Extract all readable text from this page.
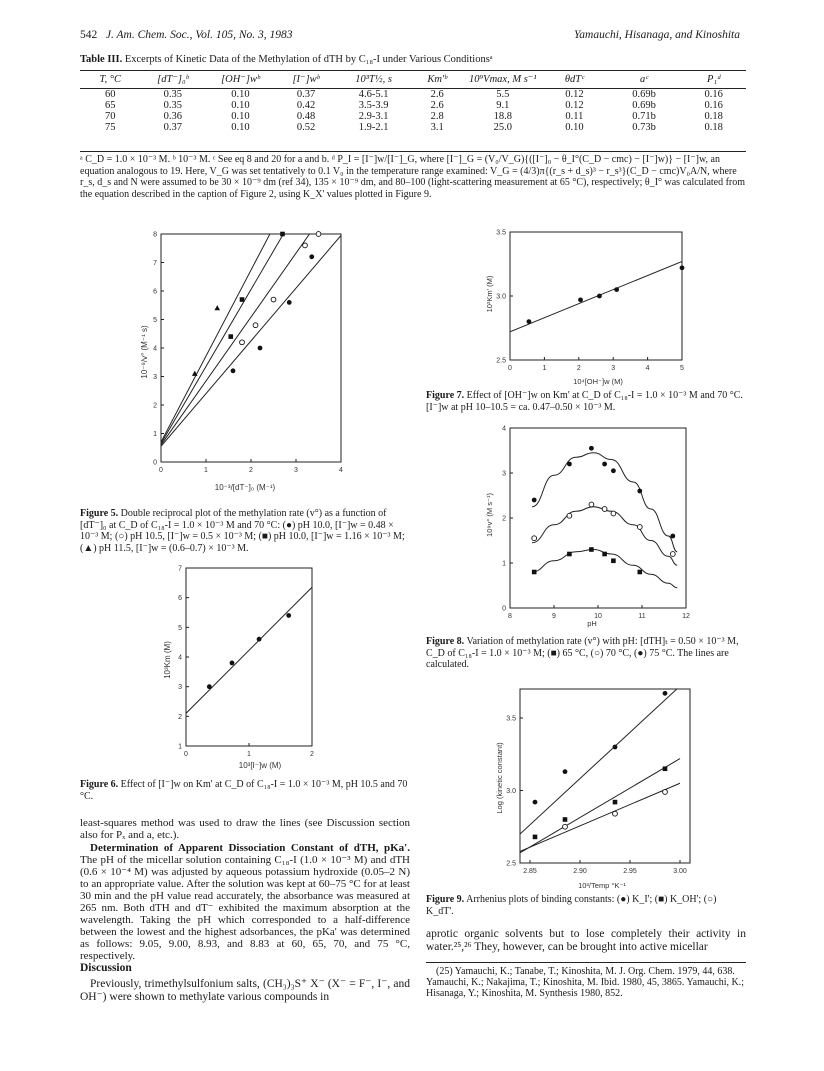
542 J. Am. Chem. Soc., Vol. 105, No. 3, 1983	Yamauchi, Hisanaga, and Kinoshita
Table III. Excerpts of Kinetic Data of the Methylation of dTH by C₁₈-I under Various Conditionsᵃ
T, °C	[dT⁻]₀ᵇ	[OH⁻]wᵇ	[I⁻]wᵇ	10³T½, s	Km'ᵇ	10⁹Vmax, M s⁻¹	θdTᶜ	aᶜ	P₁ᵈ

60	0.35	0.10	0.37	4.6-5.1	2.6	5.5	0.12	0.69b	0.16
65	0.35	0.10	0.42	3.5-3.9	2.6	9.1	0.12	0.69b	0.16
70	0.36	0.10	0.48	2.9-3.1	2.8	18.8	0.11	0.71b	0.18
75	0.37	0.10	0.52	1.9-2.1	3.1	25.0	0.10	0.73b	0.18
ᵃ C_D = 1.0 × 10⁻³ M. ᵇ 10⁻³ M. ᶜ See eq 8 and 20 for a and b. ᵈ P_I = [I⁻]w/[I⁻]_G, where [I⁻]_G = (V₀/V_G){([I⁻]₀ − θ_I°(C_D − cmc) − [I⁻]w)} − [I⁻]w, an equation analogous to 19. Here, V_G was set tentatively to 0.1 V₀ in the temperature range examined: V_G = (4/3)π{(r_s + d_s)³ − r_s³}(C_D − cmc)V₀A/N, where r_s, d_s and N were assumed to be 30 × 10⁻⁹ dm (ref 34), 135 × 10⁻⁹ dm, and 80–100 (light-scattering measurement at 65 °C), respectively; θ_I° was calculated from the equation described in the caption of Figure 2, using K_X' values plotted in Figure 9.
0	1	2	3	4
0
1
2
3
4
5
6
7
8
10⁻³/[dT⁻]₀ (M⁻¹)
10⁻⁸/v° (M⁻¹ s)
Figure 5. Double reciprocal plot of the methylation rate (v°) as a function of [dT⁻]₀ at C_D of C₁₈-I = 1.0 × 10⁻³ M and 70 °C: (●) pH 10.0, [I⁻]w = 0.48 × 10⁻³ M; (○) pH 10.5, [I⁻]w = 0.5 × 10⁻³ M; (■) pH 10.0, [I⁻]w = 1.16 × 10⁻³ M; (▲) pH 11.5, [I⁻]w = (0.6–0.7) × 10⁻³ M.
0	1	2
1
2
3
4
5
6
7
10³[I⁻]w (M)
10³Km (M)
Figure 6. Effect of [I⁻]w on Km' at C_D of C₁₈-I = 1.0 × 10⁻³ M, pH 10.5 and 70 °C.
least-squares method was used to draw the lines (see Discussion section also for Pₓ and a, etc.).
Determination of Apparent Dissociation Constant of dTH, pKa'. The pH of the micellar solution containing C₁₈-I (1.0 × 10⁻³ M) and dTH (0.6 × 10⁻⁴ M) was adjusted by aqueous potassium hydroxide (0.05–2 N) to an appropriate value. After the solution was kept at 60–75 °C for at least 30 min and the pH value read accurately, the absorbance was measured at 265 nm. Both dTH and dT⁻ exhibited the maximum absorption at the wavelength. Taking the pH which corresponded to a half-difference between the lowest and the highest adsorbances, the pKa' was determined as follows: 9.05, 9.00, 8.93, and 8.83 at 60, 65, 70, and 75 °C, respectively.
Discussion
Previously, trimethylsulfonium salts, (CH₃)₃S⁺ X⁻ (X⁻ = F⁻, I⁻, and OH⁻) were shown to methylate various compounds in
0	1	2	3	4	5
2.5
3.0
3.5
10⁴[OH⁻]w (M)
10³Km' (M)
Figure 7. Effect of [OH⁻]w on Km' at C_D of C₁₈-I = 1.0 × 10⁻³ M and 70 °C. [I⁻]w at pH 10–10.5 = ca. 0.47–0.50 × 10⁻³ M.
8	9	10	11	12
0
1
2
3
4
pH
10⁹v° (M s⁻¹)
Figure 8. Variation of methylation rate (v°) with pH: [dTH]ₜ = 0.50 × 10⁻³ M, C_D of C₁₈-I = 1.0 × 10⁻³ M; (■) 65 °C, (○) 70 °C, (●) 75 °C. The lines are calculated.
2.85	2.90	2.95	3.00
2.5
3.0
3.5
10³/Temp °K⁻¹
Log (kinetic constant)
Figure 9. Arrhenius plots of binding constants: (●) K_I'; (■) K_OH'; (○) K_dT'.
aprotic organic solvents but to lose completely their activity in water.²⁵,²⁶ They, however, can be brought into active micellar
(25) Yamauchi, K.; Tanabe, T.; Kinoshita, M. J. Org. Chem. 1979, 44, 638. Yamauchi, K.; Nakajima, T.; Kinoshita, M. Ibid. 1980, 45, 3865. Yamauchi, K.; Hisanaga, Y.; Kinoshita, M. Synthesis 1980, 852.
